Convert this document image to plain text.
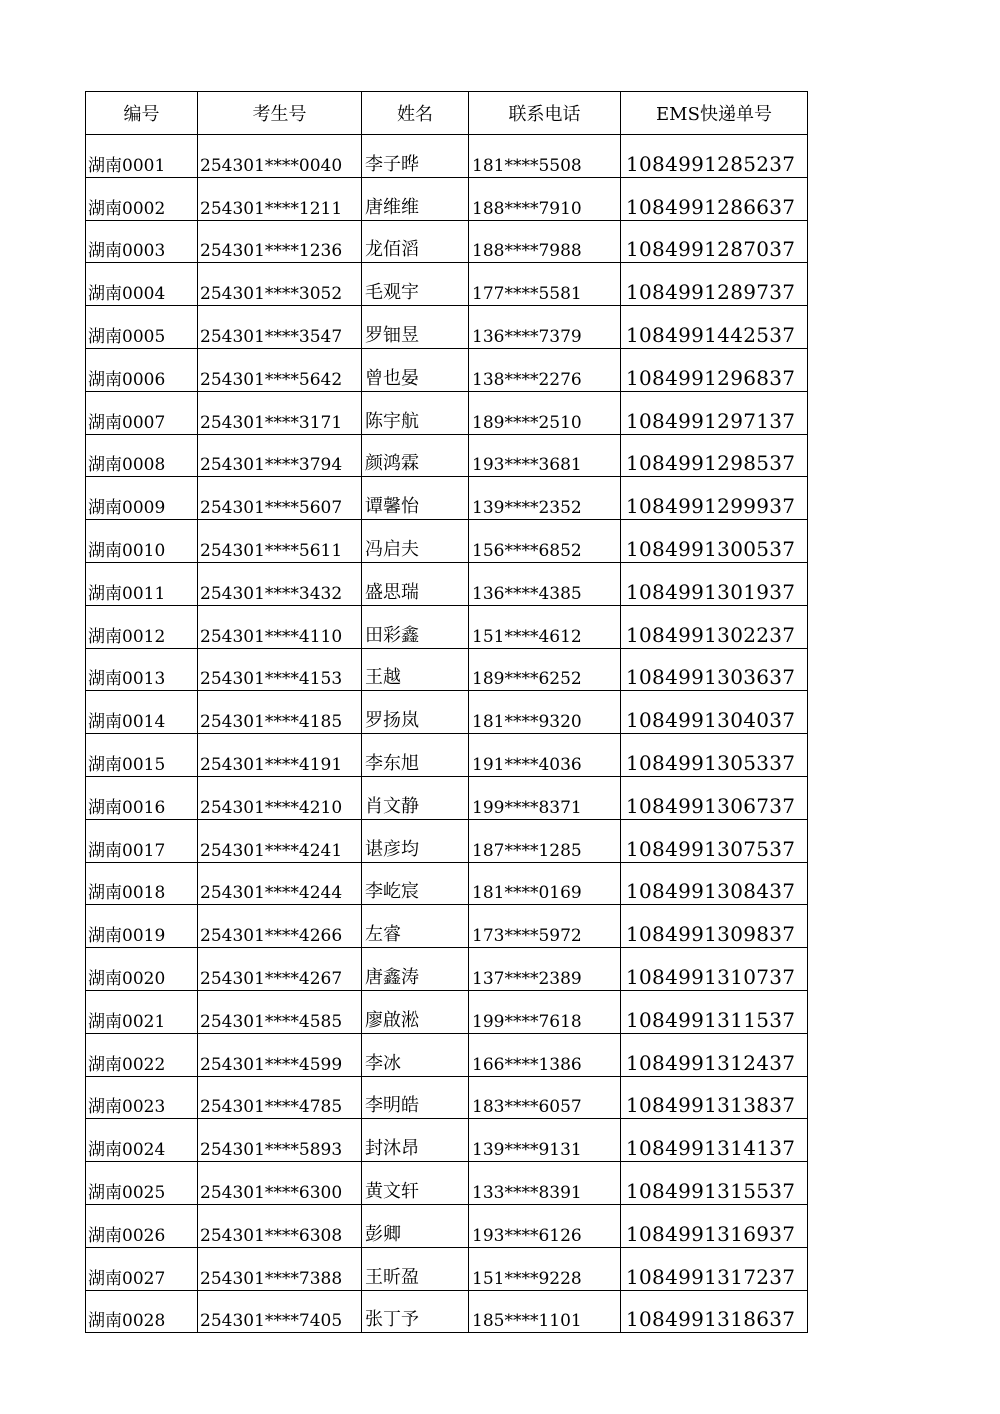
编号	考生号	姓名	联系电话	EMS快递单号
湖南0001	254301****0040	李子晔	181****5508	1084991285237
湖南0002	254301****1211	唐维维	188****7910	1084991286637
湖南0003	254301****1236	龙佰滔	188****7988	1084991287037
湖南0004	254301****3052	毛观宇	177****5581	1084991289737
湖南0005	254301****3547	罗钿昱	136****7379	1084991442537
湖南0006	254301****5642	曾也晏	138****2276	1084991296837
湖南0007	254301****3171	陈宇航	189****2510	1084991297137
湖南0008	254301****3794	颜鸿霖	193****3681	1084991298537
湖南0009	254301****5607	谭馨怡	139****2352	1084991299937
湖南0010	254301****5611	冯启夫	156****6852	1084991300537
湖南0011	254301****3432	盛思瑞	136****4385	1084991301937
湖南0012	254301****4110	田彩鑫	151****4612	1084991302237
湖南0013	254301****4153	王越	189****6252	1084991303637
湖南0014	254301****4185	罗扬岚	181****9320	1084991304037
湖南0015	254301****4191	李东旭	191****4036	1084991305337
湖南0016	254301****4210	肖文静	199****8371	1084991306737
湖南0017	254301****4241	谌彦均	187****1285	1084991307537
湖南0018	254301****4244	李屹宸	181****0169	1084991308437
湖南0019	254301****4266	左睿	173****5972	1084991309837
湖南0020	254301****4267	唐鑫涛	137****2389	1084991310737
湖南0021	254301****4585	廖啟淞	199****7618	1084991311537
湖南0022	254301****4599	李冰	166****1386	1084991312437
湖南0023	254301****4785	李明皓	183****6057	1084991313837
湖南0024	254301****5893	封沐昂	139****9131	1084991314137
湖南0025	254301****6300	黄文轩	133****8391	1084991315537
湖南0026	254301****6308	彭卿	193****6126	1084991316937
湖南0027	254301****7388	王昕盈	151****9228	1084991317237
湖南0028	254301****7405	张丁予	185****1101	1084991318637
